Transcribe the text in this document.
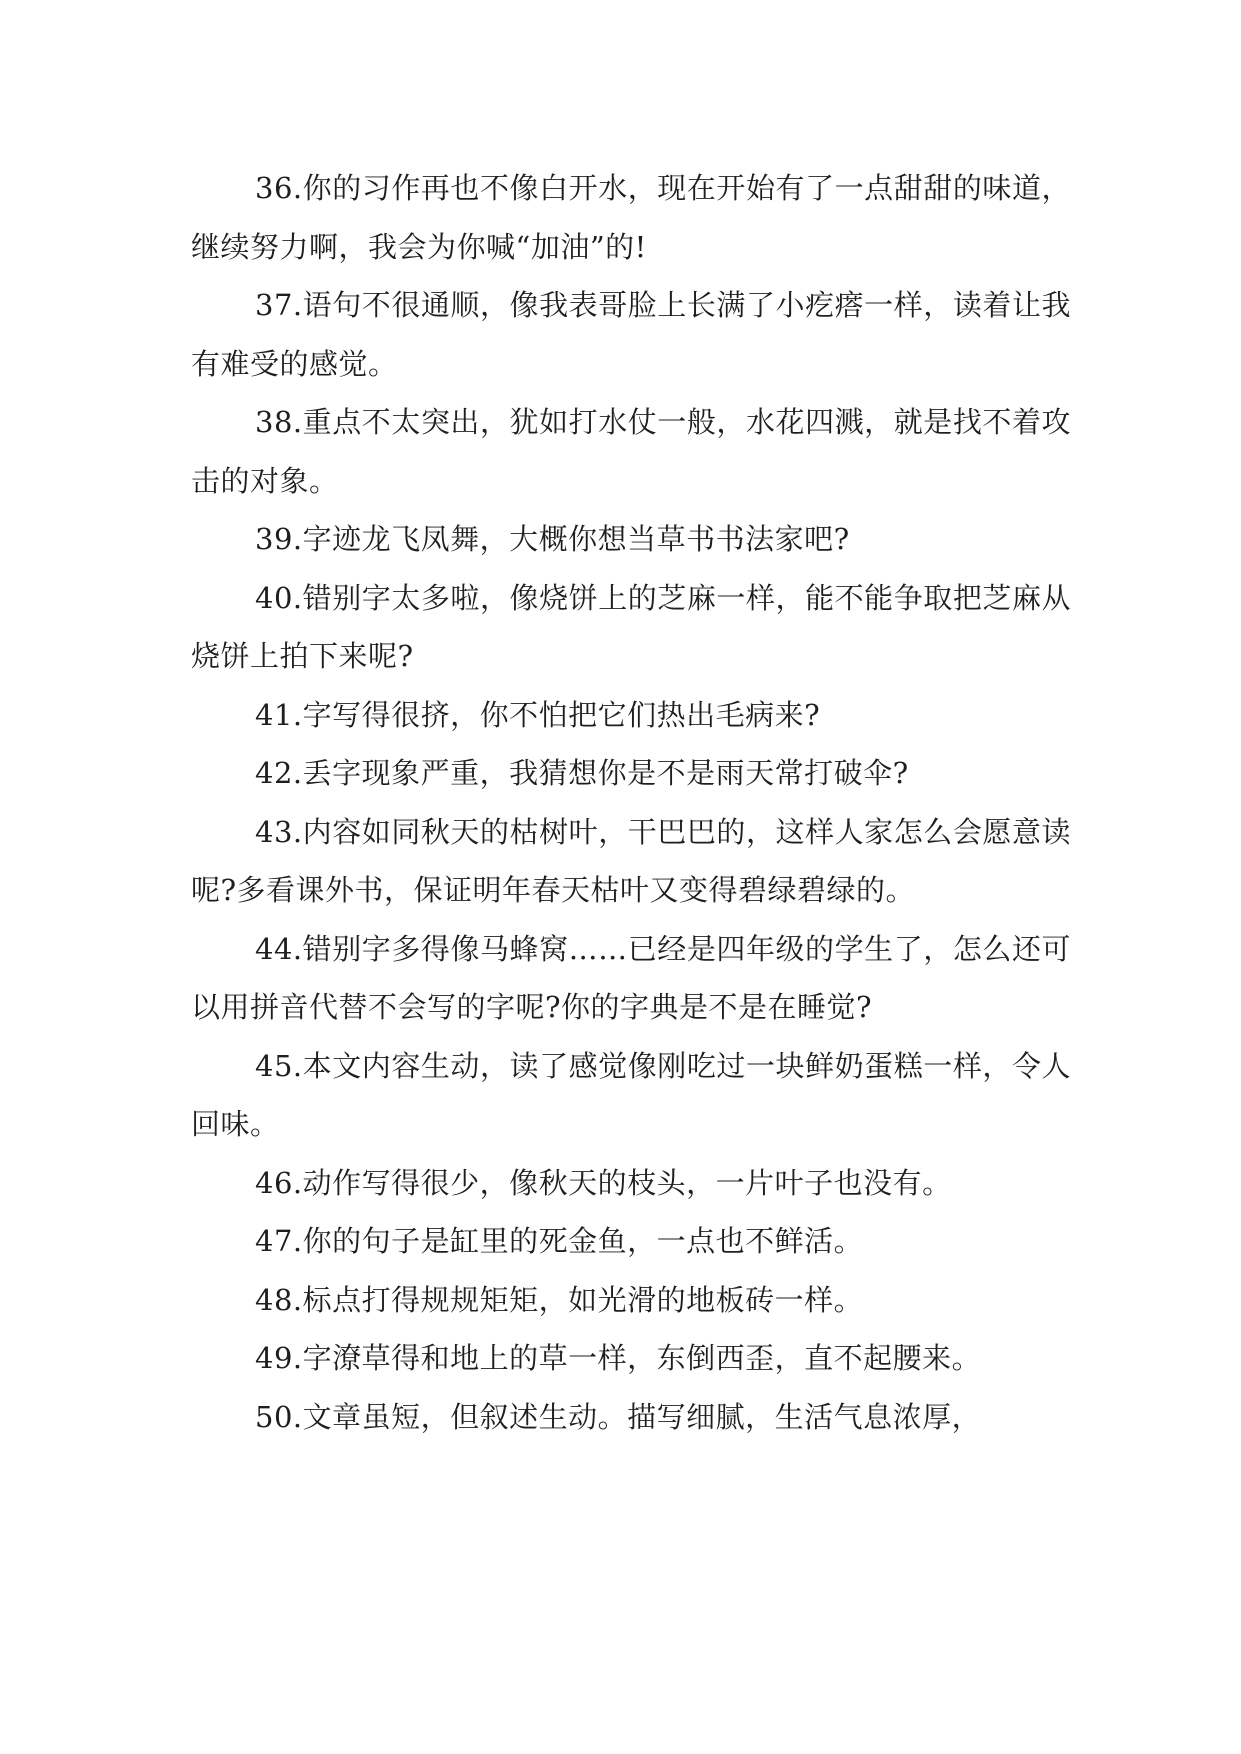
36.你的习作再也不像白开水，现在开始有了一点甜甜的味道，继续努力啊，我会为你喊“加油”的!

37.语句不很通顺，像我表哥脸上长满了小疙瘩一样，读着让我有难受的感觉。

38.重点不太突出，犹如打水仗一般，水花四溅，就是找不着攻击的对象。

39.字迹龙飞凤舞，大概你想当草书书法家吧?

40.错别字太多啦，像烧饼上的芝麻一样，能不能争取把芝麻从烧饼上拍下来呢?

41.字写得很挤，你不怕把它们热出毛病来?

42.丢字现象严重，我猜想你是不是雨天常打破伞?

43.内容如同秋天的枯树叶，干巴巴的，这样人家怎么会愿意读呢?多看课外书，保证明年春天枯叶又变得碧绿碧绿的。

44.错别字多得像马蜂窝……已经是四年级的学生了，怎么还可以用拼音代替不会写的字呢?你的字典是不是在睡觉?

45.本文内容生动，读了感觉像刚吃过一块鲜奶蛋糕一样，令人回味。

46.动作写得很少，像秋天的枝头，一片叶子也没有。

47.你的句子是缸里的死金鱼，一点也不鲜活。

48.标点打得规规矩矩，如光滑的地板砖一样。

49.字潦草得和地上的草一样，东倒西歪，直不起腰来。

50.文章虽短，但叙述生动。描写细腻，生活气息浓厚，
